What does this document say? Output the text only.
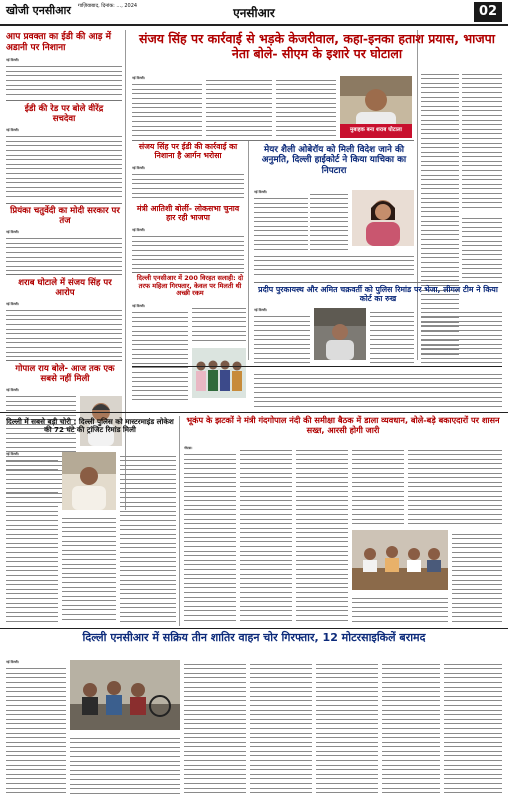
खोजी एनसीआर गाज़ियाबाद, दिनांक: ..., 2024	एनसीआर	02
आप प्रवक्ता का ईडी की आड़ में अडानी पर निशाना
नई दिल्ली।
ईडी की रेड पर बोले वीरेंद्र सचदेवा
नई दिल्ली।
प्रियंका चतुर्वेदी का मोदी सरकार पर तंज
नई दिल्ली।
शराब घोटाले में संजय सिंह पर आरोप
नई दिल्ली।
गोपाल राय बोले- आज तक एक सबसे नहीं मिली
नई दिल्ली।
संजय सिंह पर कार्रवाई से भड़के केजरीवाल, कहा-इनका हताश प्रयास, भाजपा नेता बोले- सीएम के इशारे पर घोटाला
नई दिल्ली।
मुबाहक बना शराब घोटाला
संजय सिंह पर ईडी की कार्रवाई का निशाना है आर्गन भरोसा
नई दिल्ली।
मंत्री आतिशी बोलीं- लोकसभा चुनाव हार रही भाजपा
नई दिल्ली।
दिल्ली एनसीआर में 200 विरहत सलाही: दो तरफ महिला गिरफ्तार, केवल पर मिलती थी अच्छी रकम
नई दिल्ली।
मेयर शैली ओबेरॉय को मिली विदेश जाने की अनुमति, दिल्ली हाईकोर्ट ने किया याचिका का निपटारा
नई दिल्ली।
प्रदीप पुरकायस्थ और अमित चक्रवर्ती को पुलिस रिमांड पर भेजा, लीगल टीम ने किया कोर्ट का रुख
नई दिल्ली।
दिल्ली में सबसे बड़ी चोरी : दिल्ली पुलिस को मास्टरमाइंड लोकेश की 72 घंटे की ट्रांजिट रिमांड मिली
नई दिल्ली।
भूकंप के झटकों ने मंत्री गंदगोपाल नंदी की समीक्षा बैठक में डाला व्यवधान, बोले-बड़े बकाएदारों पर शासन सख्त, आरसी होगी जारी
नोएडा।
दिल्ली एनसीआर में सक्रिय तीन शातिर वाहन चोर गिरफ्तार, 12 मोटरसाइकिलें बरामद
नई दिल्ली।
